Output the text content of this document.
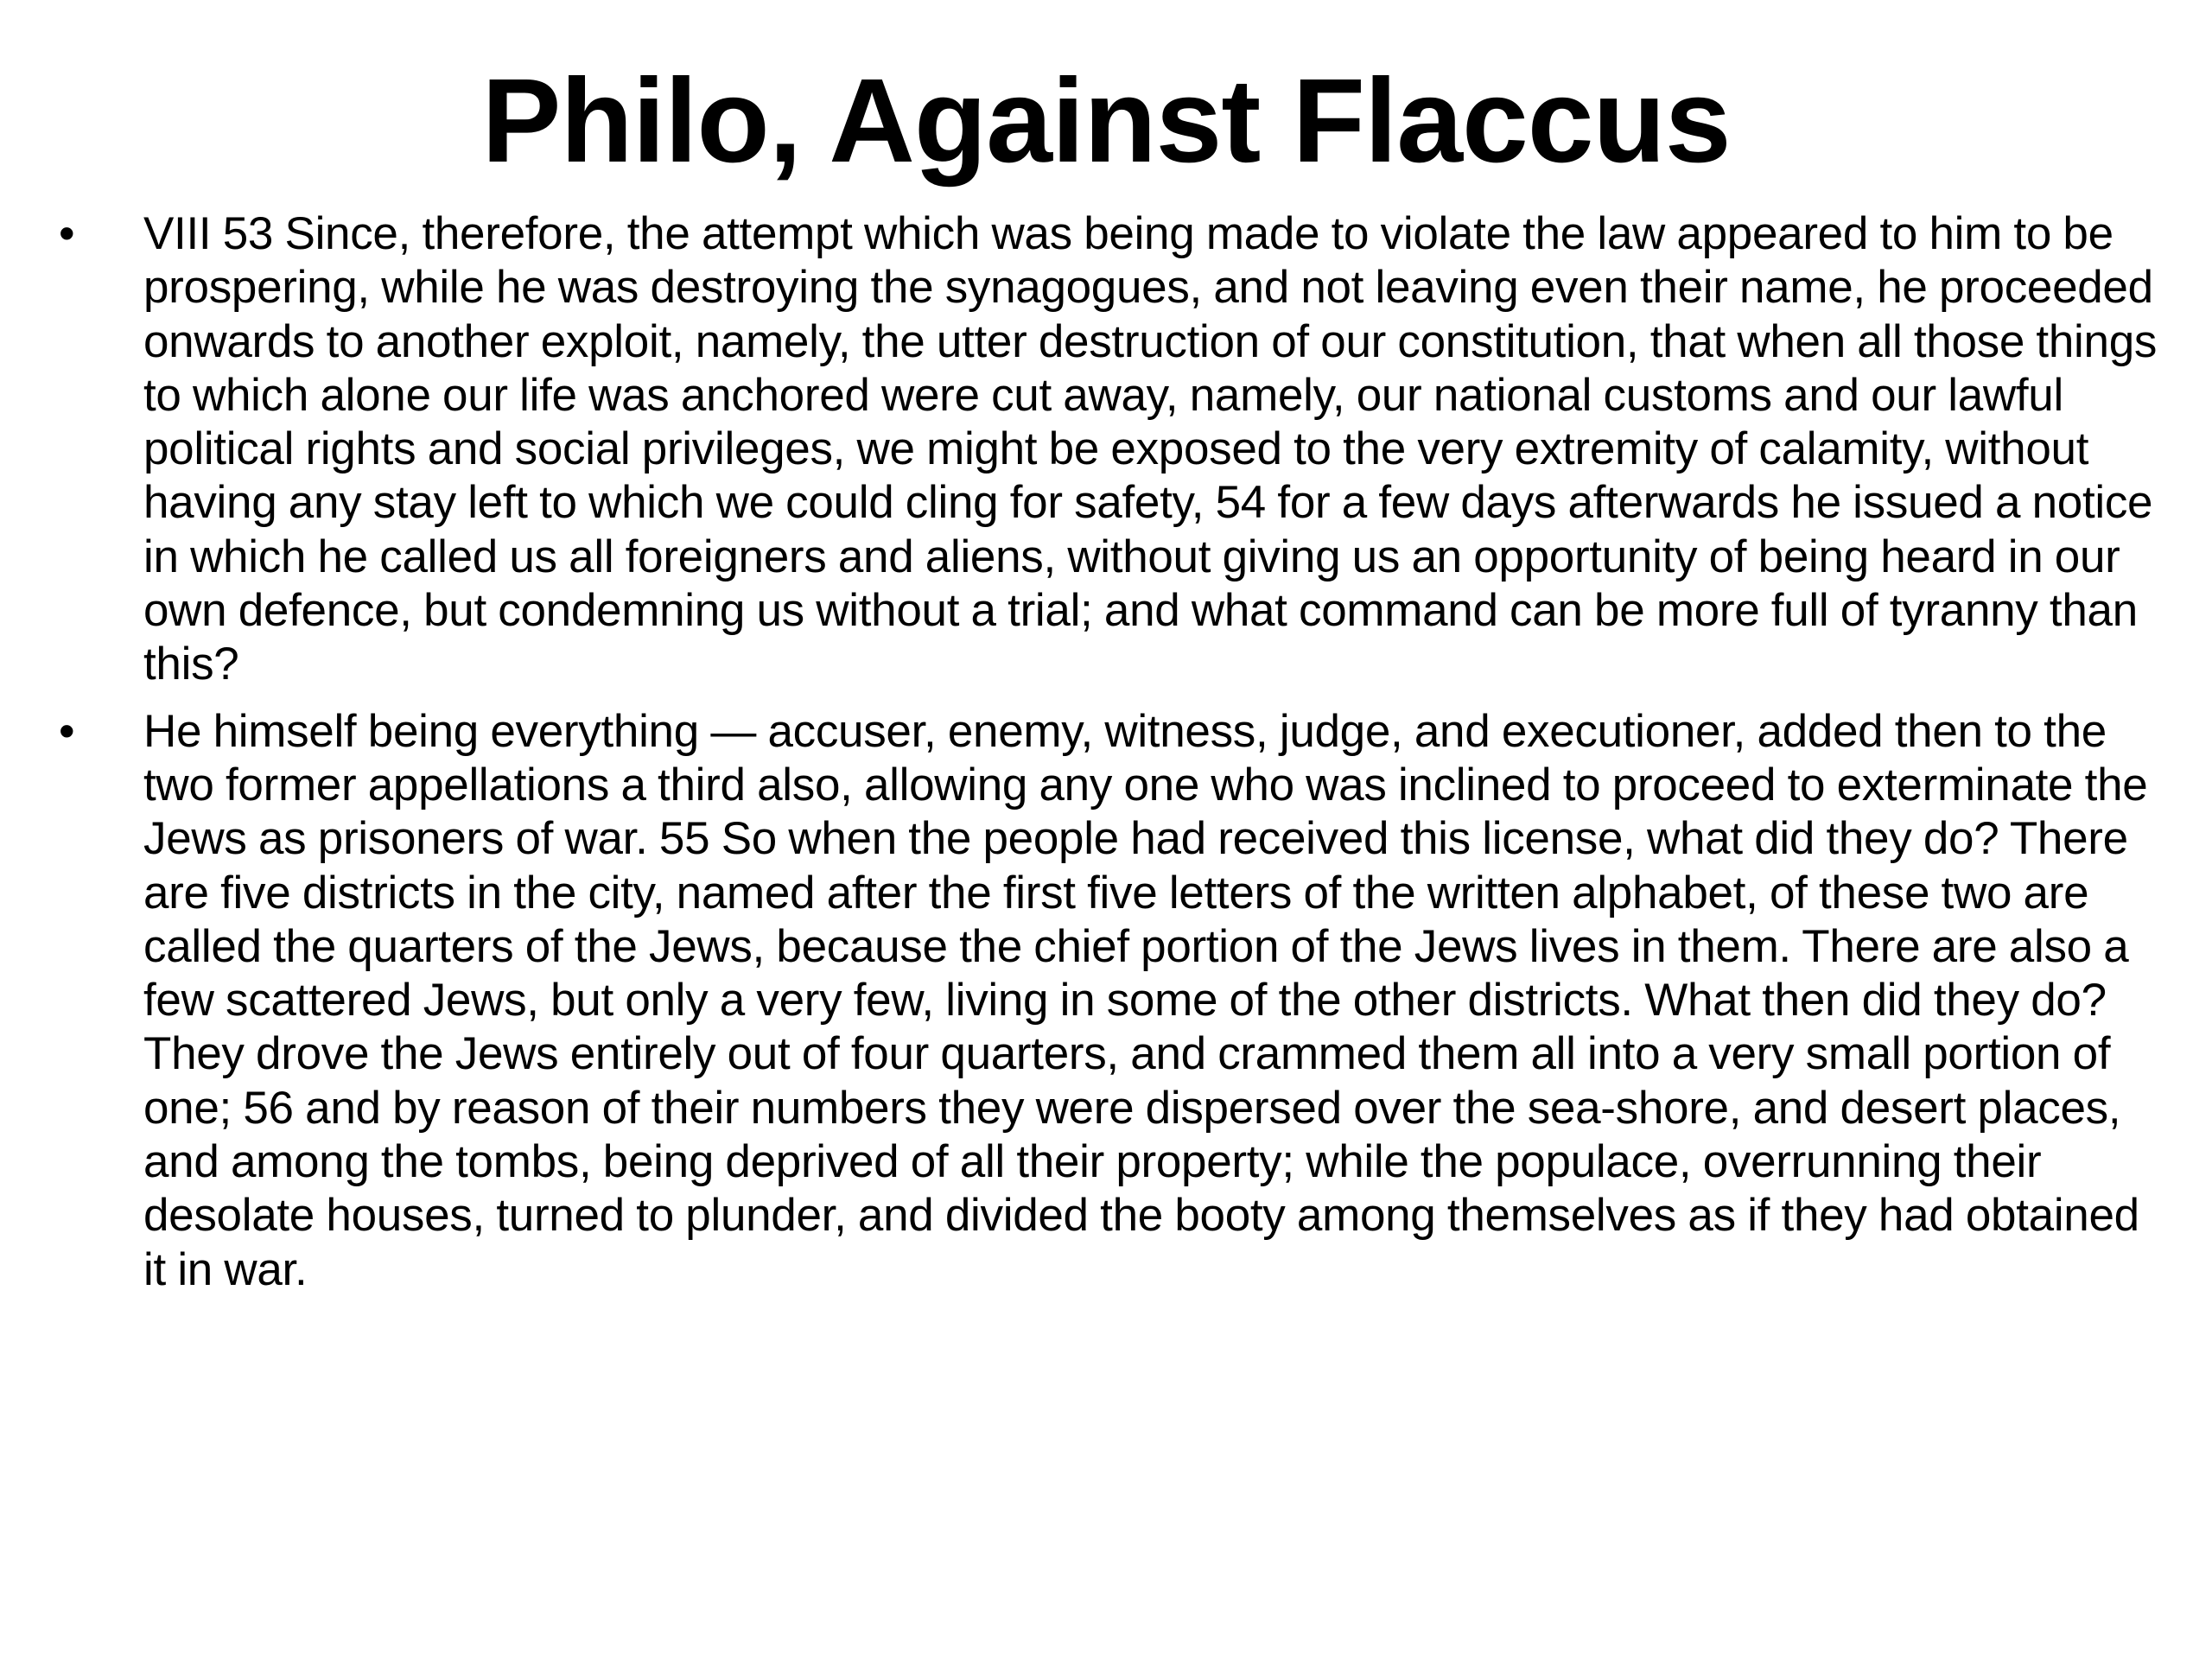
Philo, Against Flaccus
•	VIII 53 Since, therefore, the attempt which was being made to violate the law appeared to him to be prospering, while he was destroying the synagogues, and not leaving even their name, he proceeded onwards to another exploit, namely, the utter destruction of our constitution, that when all those things to which alone our life was anchored were cut away, namely, our national customs and our lawful political rights and social privileges, we might be exposed to the very extremity of calamity, without having any stay left to which we could cling for safety, 54 for a few days afterwards he issued a notice in which he called us all foreigners and aliens, without giving us an opportunity of being heard in our own defence, but condemning us without a trial; and what command can be more full of tyranny than this?
•	He himself being everything — accuser, enemy, witness, judge, and executioner, added then to the two former appellations a third also, allowing any one who was inclined to proceed to exterminate the Jews as prisoners of war. 55 So when the people had received this license, what did they do? There are five districts in the city, named after the first five letters of the written alphabet, of these two are called the quarters of the Jews, because the chief portion of the Jews lives in them. There are also a few scattered Jews, but only a very few, living in some of the other districts. What then did they do? They drove the Jews entirely out of four quarters, and crammed them all into a very small portion of one; 56 and by reason of their numbers they were dispersed over the sea-shore, and desert places, and among the tombs, being deprived of all their property; while the populace, overrunning their desolate houses, turned to plunder, and divided the booty among themselves as if they had obtained it in war.
